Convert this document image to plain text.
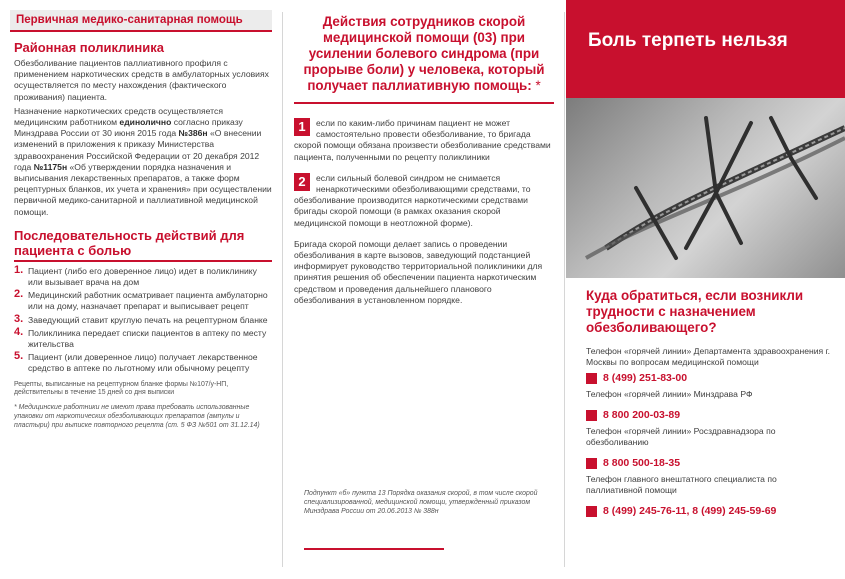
Первичная медико-санитарная помощь
Районная поликлиника
Обезболивание пациентов паллиативного профиля с применением наркотических средств в амбулаторных условиях осуществляется по месту нахождения (фактического проживания) пациента.
Назначение наркотических средств осуществляется медицинским работником единолично согласно приказу Минздрава России от 30 июня 2015 года №386н «О внесении изменений в приложения к приказу Министерства здравоохранения Российской Федерации от 20 декабря 2012 года №1175н «Об утверждении порядка назначения и выписывания лекарственных препаратов, а также форм рецептурных бланков, их учета и хранения» при осуществлении первичной медико-санитарной и паллиативной медицинской помощи.
Последовательность действий для пациента с болью
1. Пациент (либо его доверенное лицо) идет в поликлинику или вызывает врача на дом
2. Медицинский работник осматривает пациента амбулаторно или на дому, назначает препарат и выписывает рецепт
3. Заведующий ставит круглую печать на рецептурном бланке
4. Поликлиника передает списки пациентов в аптеку по месту жительства
5. Пациент (или доверенное лицо) получает лекарственное средство в аптеке по льготному или обычному рецепту
Рецепты, выписанные на рецептурном бланке формы №107/у-НП, действительны в течение 15 дней со дня выписки
* Медицинские работники не имеют права требовать использованные упаковки от наркотических обезболивающих препаратов (ампулы и пластыри) при выписке повторного рецепта (ст. 5 ФЗ №501 от 31.12.14)
Действия сотрудников скорой медицинской помощи (03) при усилении болевого синдрома (при прорыве боли) у человека, который получает паллиативную помощь: *
1	если по каким-либо причинам пациент не может самостоятельно провести обезболивание, то бригада скорой помощи обязана произвести обезболивание средствами пациента, полученными по рецепту поликлиники
2	если сильный болевой синдром не снимается ненаркотическими обезболивающими средствами, то обезболивание производится наркотическими средствами бригады скорой помощи (в рамках оказания скорой медицинской помощи в неотложной форме).
Бригада скорой помощи делает запись о проведении обезболивания в карте вызовов, заведующий подстанцией информирует руководство территориальной поликлиники для принятия решения об обеспечении пациента наркотическим средством и проведения дальнейшего планового обезболивания в установленном порядке.
Подпункт «б» пункта 13 Порядка оказания скорой, в том числе скорой специализированной, медицинской помощи, утвержденный приказом Минздрава России от 20.06.2013 № 388н
Боль терпеть нельзя
Куда обратиться, если возникли трудности с назначением обезболивающего?
Телефон «горячей линии» Департамента здравоохранения г. Москвы по вопросам медицинской помощи
8 (499) 251-83-00
Телефон «горячей линии» Минздрава РФ
8 800 200-03-89
Телефон «горячей линии» Росздравнадзора по обезболиванию
8 800 500-18-35
Телефон главного внештатного специалиста по паллиативной помощи
8 (499) 245-76-11, 8 (499) 245-59-69
